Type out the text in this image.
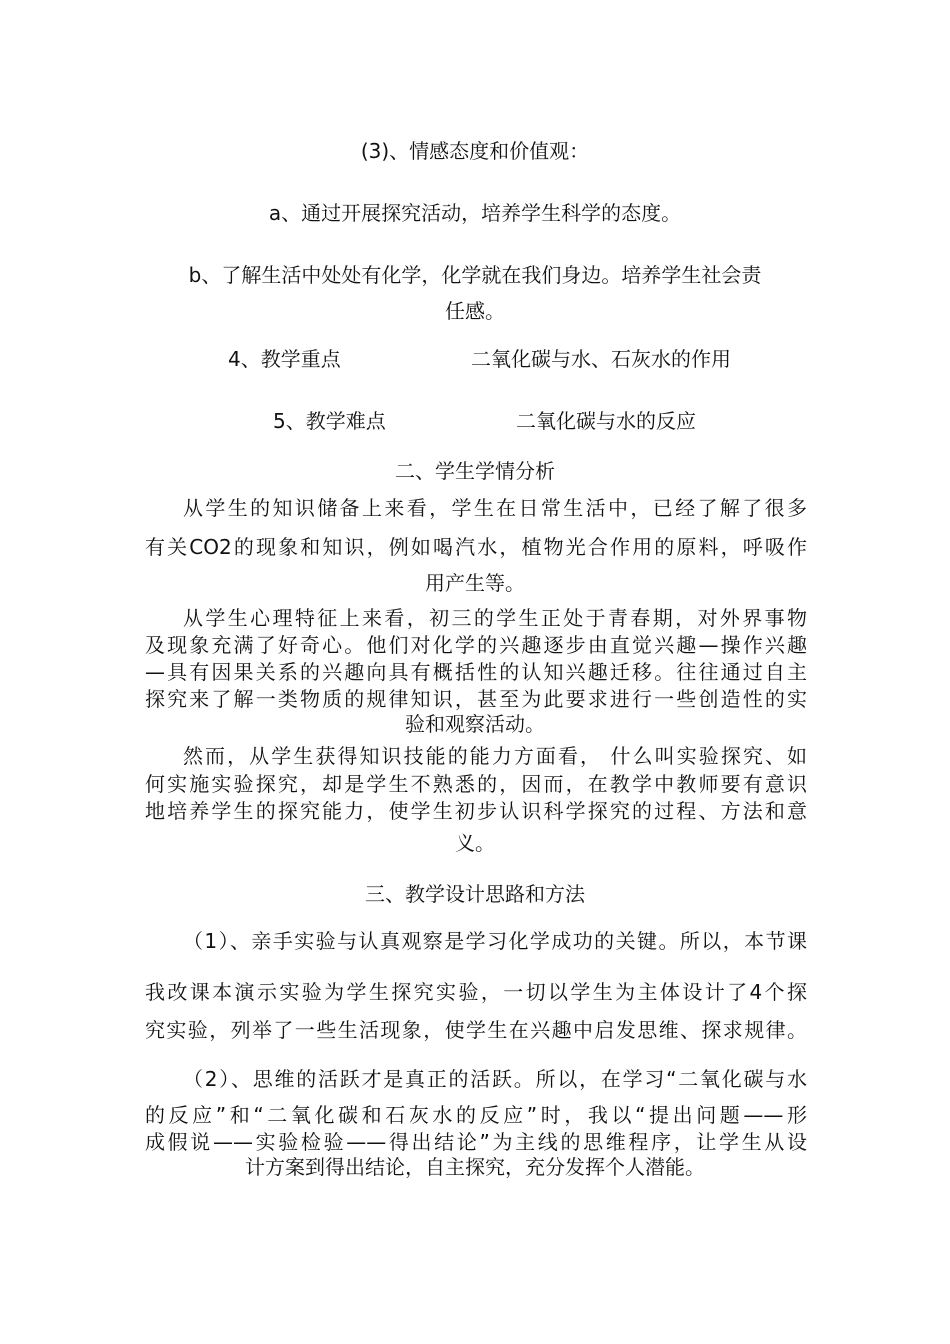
(3)、情感态度和价值观：
a、通过开展探究活动，培养学生科学的态度。
b、了解生活中处处有化学，化学就在我们身边。培养学生社会责
任感。
4、教学重点	二氧化碳与水、石灰水的作用
5、教学难点	二氧化碳与水的反应
二、学生学情分析
从学生的知识储备上来看，学生在日常生活中，已经了解了很多
有关CO2的现象和知识，例如喝汽水，植物光合作用的原料，呼吸作
用产生等。
从学生心理特征上来看，初三的学生正处于青春期，对外界事物
及现象充满了好奇心。他们对化学的兴趣逐步由直觉兴趣—操作兴趣
—具有因果关系的兴趣向具有概括性的认知兴趣迁移。往往通过自主
探究来了解一类物质的规律知识，甚至为此要求进行一些创造性的实
验和观察活动。
然而，从学生获得知识技能的能力方面看， 什么叫实验探究、如
何实施实验探究，却是学生不熟悉的，因而，在教学中教师要有意识
地培养学生的探究能力，使学生初步认识科学探究的过程、方法和意
义。
三、教学设计思路和方法
（1）、亲手实验与认真观察是学习化学成功的关键。所以，本节课
我改课本演示实验为学生探究实验，一切以学生为主体设计了4个探
究实验，列举了一些生活现象，使学生在兴趣中启发思维、探求规律。
（2）、思维的活跃才是真正的活跃。所以，在学习“二氧化碳与水
的反应”和“二氧化碳和石灰水的反应”时，我以“提出问题——形
成假说——实验检验——得出结论”为主线的思维程序，让学生从设
计方案到得出结论，自主探究，充分发挥个人潜能。
